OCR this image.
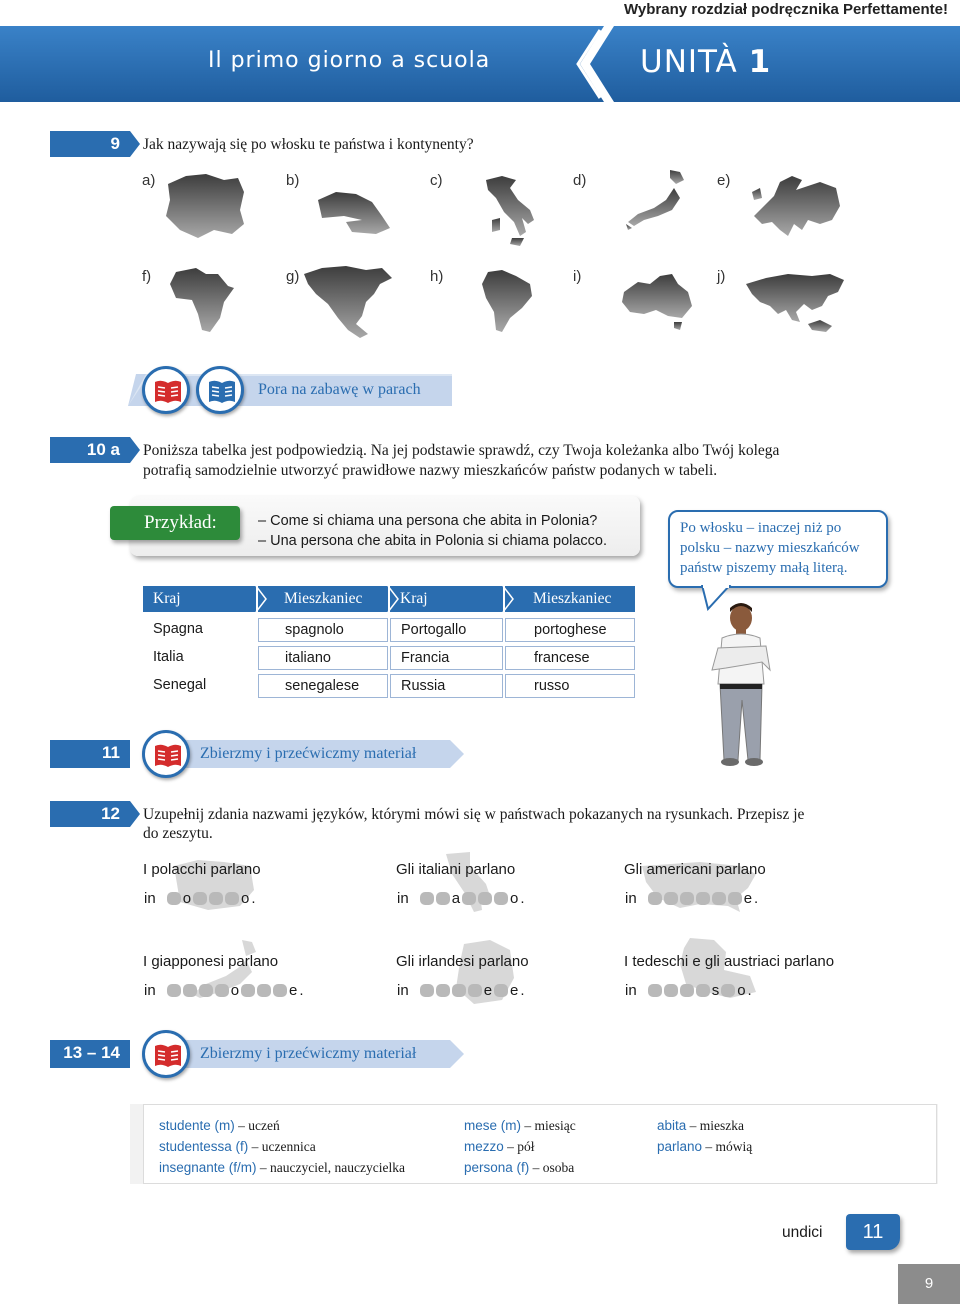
Wybrany rozdział podręcznika Perfettamente!
Il primo giorno a scuola	UNITÀ 1
9	Jak nazywają się po włosku te państwa i kontynenty?
a)	b)	c)	d)	e)
f)	g)	h)	i)	j)
Pora na zabawę w parach
10 a	Poniższa tabelka jest podpowiedzią. Na jej podstawie sprawdź, czy Twoja koleżanka albo Twój kolega
potrafią samodzielnie utworzyć prawidłowe nazwy mieszkańców państw podanych w tabeli.
Przykład:	– Come si chiama una persona che abita in Polonia?
– Una persona che abita in Polonia si chiama polacco.
Po włosku – inaczej niż po
polsku – nazwy mieszkańców
państw piszemy małą literą.
Kraj	Mieszkaniec	Kraj	Mieszkaniec
Spagna	spagnolo	Portogallo	portoghese
Italia	italiano	Francia	francese
Senegal	senegalese	Russia	russo
11	Zbierzmy i przećwiczmy materiał
12	Uzupełnij zdania nazwami języków, którymi mówi się w państwach pokazanych na rysunkach. Przepisz je
do zeszytu.
I polacchi parlano
in o	o .
Gli italiani parlano
in	a	o .
Gli americani parlano
in	e .
I giapponesi parlano
in	o	e .
Gli irlandesi parlano
in	e e .
I tedeschi e gli austriaci parlano
in	s o .
13 – 14	Zbierzmy i przećwiczmy materiał
studente (m) – uczeń
studentessa (f) – uczennica
insegnante (f/m) – nauczyciel, nauczycielka
mese (m) – miesiąc
mezzo – pół
persona (f) – osoba
abita – mieszka
parlano – mówią
undici	11
9
